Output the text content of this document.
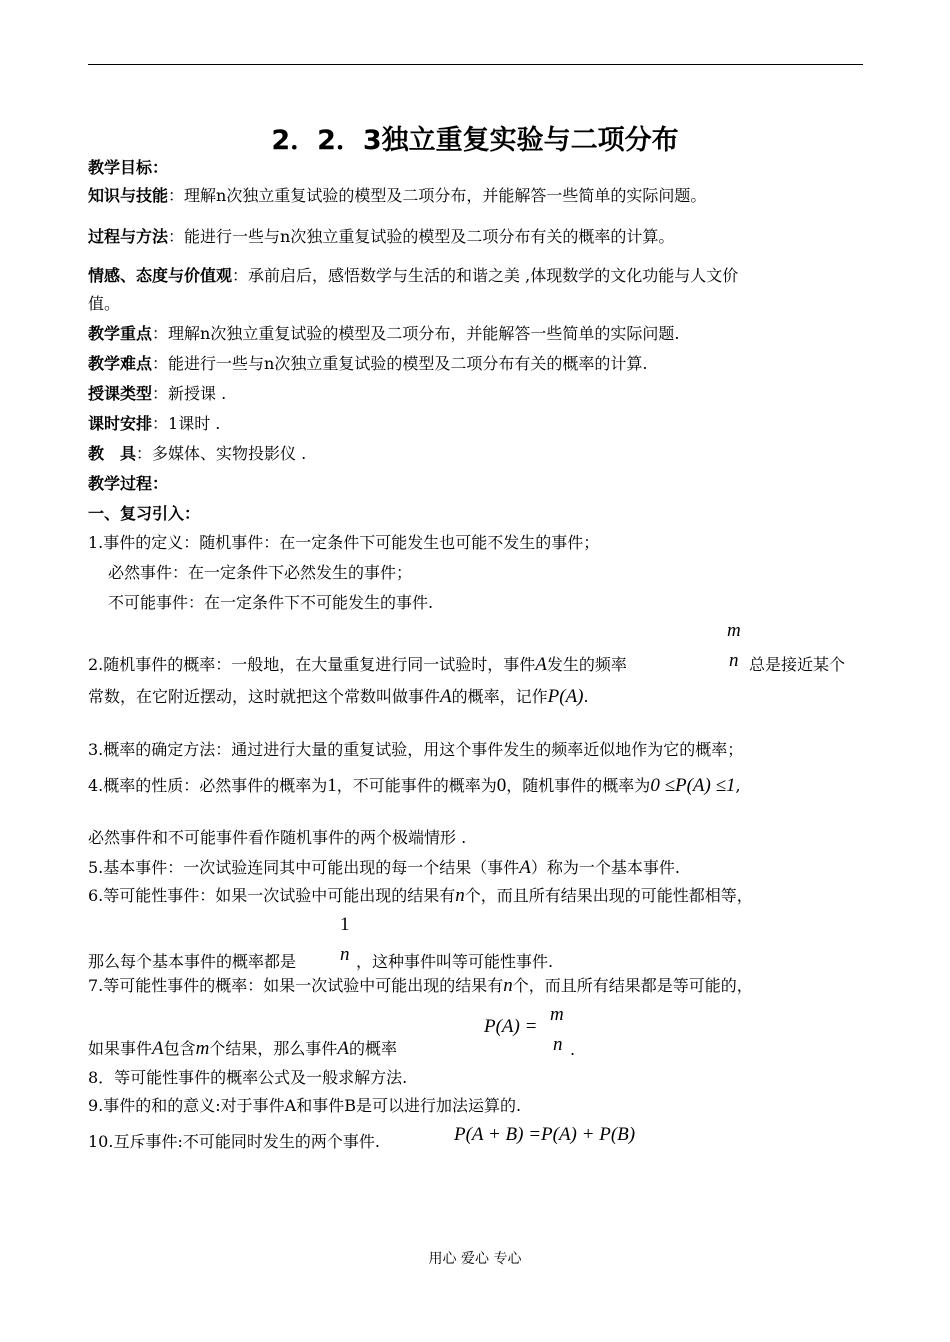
2．2．3独立重复实验与二项分布
教学目标：
知识与技能：理解n次独立重复试验的模型及二项分布，并能解答一些简单的实际问题。
过程与方法：能进行一些与n次独立重复试验的模型及二项分布有关的概率的计算。
情感、态度与价值观：承前启后，感悟数学与生活的和谐之美 ,体现数学的文化功能与人文价
值。
教学重点：理解n次独立重复试验的模型及二项分布，并能解答一些简单的实际问题.
教学难点：能进行一些与n次独立重复试验的模型及二项分布有关的概率的计算.
授课类型：新授课 .
课时安排：1课时 .
教　具：多媒体、实物投影仪 .
教学过程：
一、复习引入：
1.事件的定义：随机事件：在一定条件下可能发生也可能不发生的事件；
必然事件：在一定条件下必然发生的事件；
不可能事件：在一定条件下不可能发生的事件.
2.随机事件的概率：一般地，在大量重复进行同一试验时，事件A发生的频率
m
n 总是接近某个
常数，在它附近摆动，这时就把这个常数叫做事件A的概率，记作P(A).
3.概率的确定方法：通过进行大量的重复试验，用这个事件发生的频率近似地作为它的概率；
4.概率的性质：必然事件的概率为1，不可能事件的概率为0，随机事件的概率为0 ≤P(A) ≤1,
必然事件和不可能事件看作随机事件的两个极端情形 .
5.基本事件：一次试验连同其中可能出现的每一个结果（事件A）称为一个基本事件.
6.等可能性事件：如果一次试验中可能出现的结果有n个，而且所有结果出现的可能性都相等，
1
n
那么每个基本事件的概率都是	，这种事件叫等可能性事件.
7.等可能性事件的概率：如果一次试验中可能出现的结果有n个，而且所有结果都是等可能的，
P(A) =
m
n .
如果事件A包含m个结果，那么事件A的概率
8．等可能性事件的概率公式及一般求解方法.
9.事件的和的意义:对于事件A和事件B是可以进行加法运算的.
10.互斥事件:不可能同时发生的两个事件.	P(A + B) =P(A) + P(B)
用心 爱心 专心
